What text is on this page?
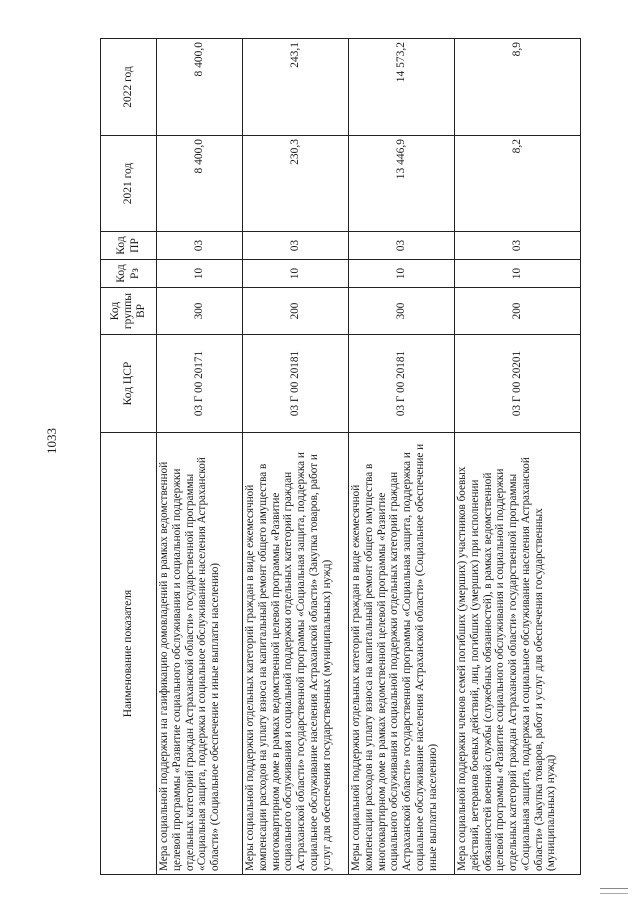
1033
Наименование показателя	Код ЦСР	Код группы ВР	Код Рз	Код ПР	2021 год	2022 год
Мера социальной поддержки на газификацию домовладений в рамках ведомственной целевой программы «Развитие социального обслуживания и социальной поддержки отдельных категорий граждан Астраханской области» государственной программы «Социальная защита, поддержка и социальное обслуживание населения Астраханской области» (Социальное обеспечение и иные выплаты населению)	03 Г 00 20171	300	10	03	8 400,0	8 400,0
Меры социальной поддержки отдельных категорий граждан в виде ежемесячной компенсации расходов на уплату взноса на капитальный ремонт общего имущества в многоквартирном доме в рамках ведомственной целевой программы «Развитие социального обслуживания и социальной поддержки отдельных категорий граждан Астраханской области» государственной программы «Социальная защита, поддержка и социальное обслуживание населения Астраханской области» (Закупка товаров, работ и услуг для обеспечения государственных (муниципальных) нужд)	03 Г 00 20181	200	10	03	230,3	243,1
Меры социальной поддержки отдельных категорий граждан в виде ежемесячной компенсации расходов на уплату взноса на капитальный ремонт общего имущества в многоквартирном доме в рамках ведомственной целевой программы «Развитие социального обслуживания и социальной поддержки отдельных категорий граждан Астраханской области» государственной программы «Социальная защита, поддержка и социальное обслуживание населения Астраханской области» (Социальное обеспечение и иные выплаты населению)	03 Г 00 20181	300	10	03	13 446,9	14 573,2
Мера социальной поддержки членов семей погибших (умерших) участников боевых действий, ветеранов боевых действий, лиц, погибших (умерших) при исполнении обязанностей военной службы (служебных обязанностей), в рамках ведомственной целевой программы «Развитие социального обслуживания и социальной поддержки отдельных категорий граждан Астраханской области» государственной программы «Социальная защита, поддержка и социальное обслуживание населения Астраханской области» (Закупка товаров, работ и услуг для обеспечения государственных (муниципальных) нужд)	03 Г 00 20201	200	10	03	8,2	8,9
